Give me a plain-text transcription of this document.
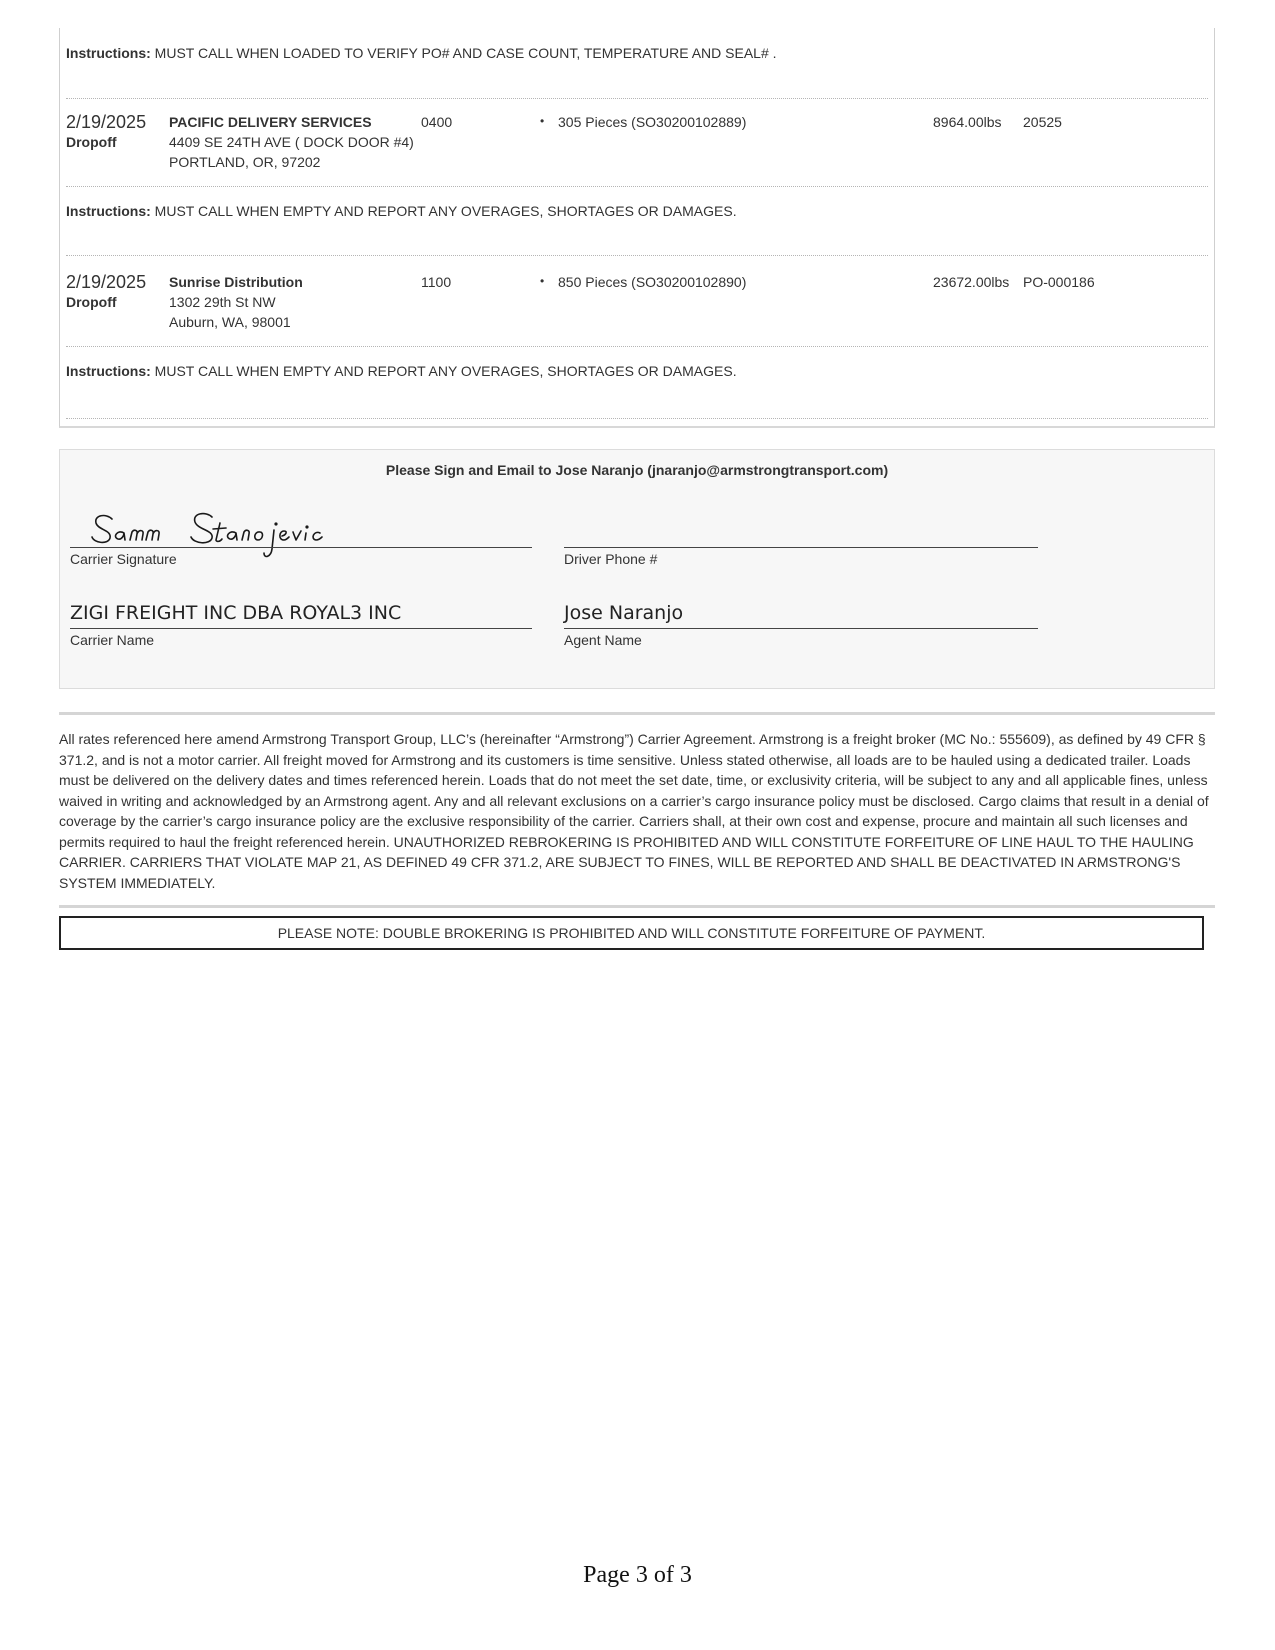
Instructions: MUST CALL WHEN LOADED TO VERIFY PO# AND CASE COUNT, TEMPERATURE AND SEAL# .
2/19/2025
Dropoff
PACIFIC DELIVERY SERVICES
4409 SE 24TH AVE ( DOCK DOOR #4)
PORTLAND, OR, 97202
0400	• 305 Pieces (SO30200102889)	8964.00lbs 20525
Instructions: MUST CALL WHEN EMPTY AND REPORT ANY OVERAGES, SHORTAGES OR DAMAGES.
2/19/2025
Dropoff
Sunrise Distribution
1302 29th St NW
Auburn, WA, 98001
1100	• 850 Pieces (SO30200102890)	23672.00lbs PO-000186
Instructions: MUST CALL WHEN EMPTY AND REPORT ANY OVERAGES, SHORTAGES OR DAMAGES.
Please Sign and Email to Jose Naranjo (jnaranjo@armstrongtransport.com)
Carrier Signature	Driver Phone #
ZIGI FREIGHT INC DBA ROYAL3 INC
Carrier Name
Jose Naranjo
Agent Name
All rates referenced here amend Armstrong Transport Group, LLC’s (hereinafter “Armstrong”) Carrier Agreement. Armstrong is a freight broker (MC No.: 555609), as defined by 49 CFR § 371.2, and is not a motor carrier. All freight moved for Armstrong and its customers is time sensitive. Unless stated otherwise, all loads are to be hauled using a dedicated trailer. Loads must be delivered on the delivery dates and times referenced herein. Loads that do not meet the set date, time, or exclusivity criteria, will be subject to any and all applicable fines, unless waived in writing and acknowledged by an Armstrong agent. Any and all relevant exclusions on a carrier’s cargo insurance policy must be disclosed. Cargo claims that result in a denial of coverage by the carrier’s cargo insurance policy are the exclusive responsibility of the carrier. Carriers shall, at their own cost and expense, procure and maintain all such licenses and permits required to haul the freight referenced herein. UNAUTHORIZED REBROKERING IS PROHIBITED AND WILL CONSTITUTE FORFEITURE OF LINE HAUL TO THE HAULING CARRIER. CARRIERS THAT VIOLATE MAP 21, AS DEFINED 49 CFR 371.2, ARE SUBJECT TO FINES, WILL BE REPORTED AND SHALL BE DEACTIVATED IN ARMSTRONG'S SYSTEM IMMEDIATELY.
PLEASE NOTE: DOUBLE BROKERING IS PROHIBITED AND WILL CONSTITUTE FORFEITURE OF PAYMENT.
Page 3 of 3
